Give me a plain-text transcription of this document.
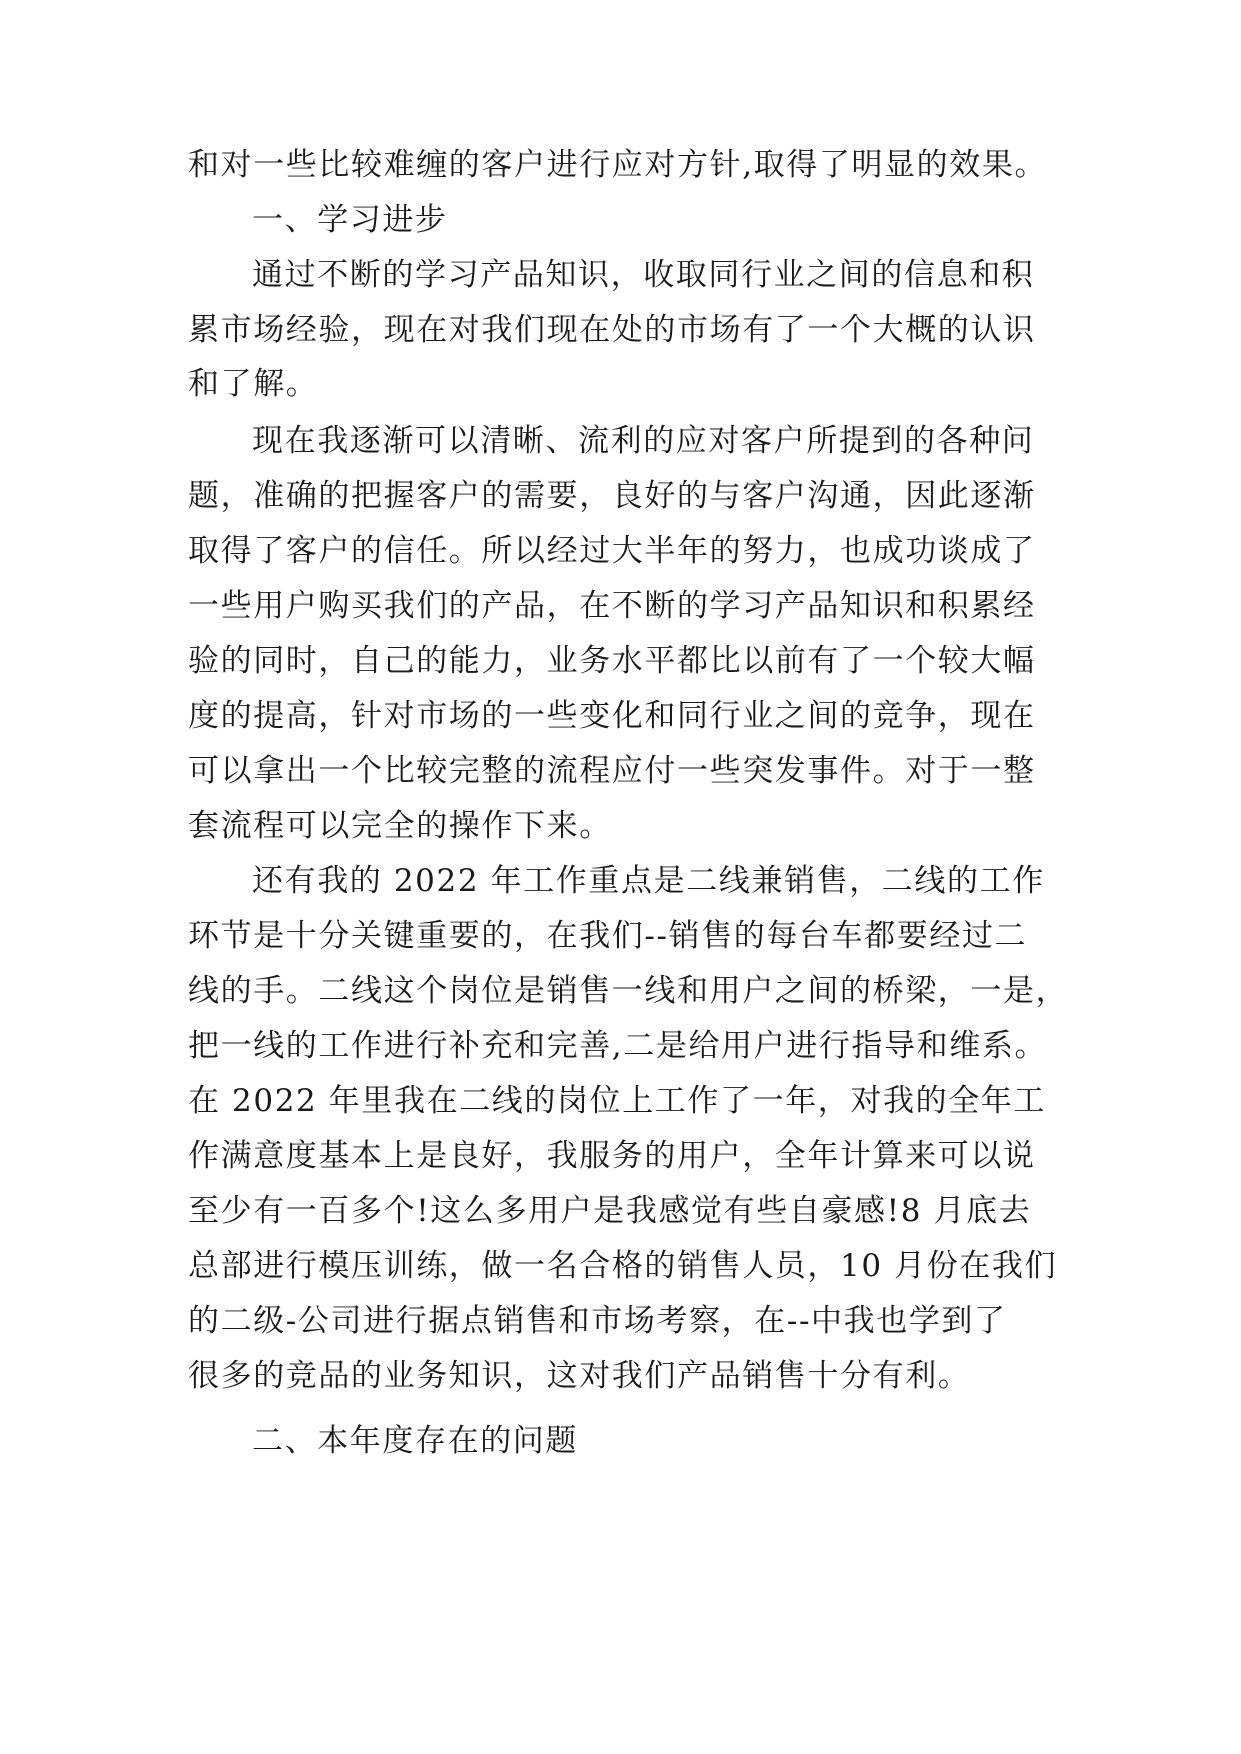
和对一些比较难缠的客户进行应对方针,取得了明显的效果。
一、学习进步
通过不断的学习产品知识，收取同行业之间的信息和积
累市场经验，现在对我们现在处的市场有了一个大概的认识
和了解。
现在我逐渐可以清晰、流利的应对客户所提到的各种问
题，准确的把握客户的需要，良好的与客户沟通，因此逐渐
取得了客户的信任。所以经过大半年的努力，也成功谈成了
一些用户购买我们的产品，在不断的学习产品知识和积累经
验的同时，自己的能力，业务水平都比以前有了一个较大幅
度的提高，针对市场的一些变化和同行业之间的竞争，现在
可以拿出一个比较完整的流程应付一些突发事件。对于一整
套流程可以完全的操作下来。
还有我的 2022 年工作重点是二线兼销售，二线的工作
环节是十分关键重要的，在我们--销售的每台车都要经过二
线的手。二线这个岗位是销售一线和用户之间的桥梁，一是，
把一线的工作进行补充和完善,二是给用户进行指导和维系。
在 2022 年里我在二线的岗位上工作了一年，对我的全年工
作满意度基本上是良好，我服务的用户，全年计算来可以说
至少有一百多个!这么多用户是我感觉有些自豪感!8 月底去
总部进行模压训练，做一名合格的销售人员，10 月份在我们
的二级-公司进行据点销售和市场考察，在--中我也学到了
很多的竞品的业务知识，这对我们产品销售十分有利。
二、本年度存在的问题
